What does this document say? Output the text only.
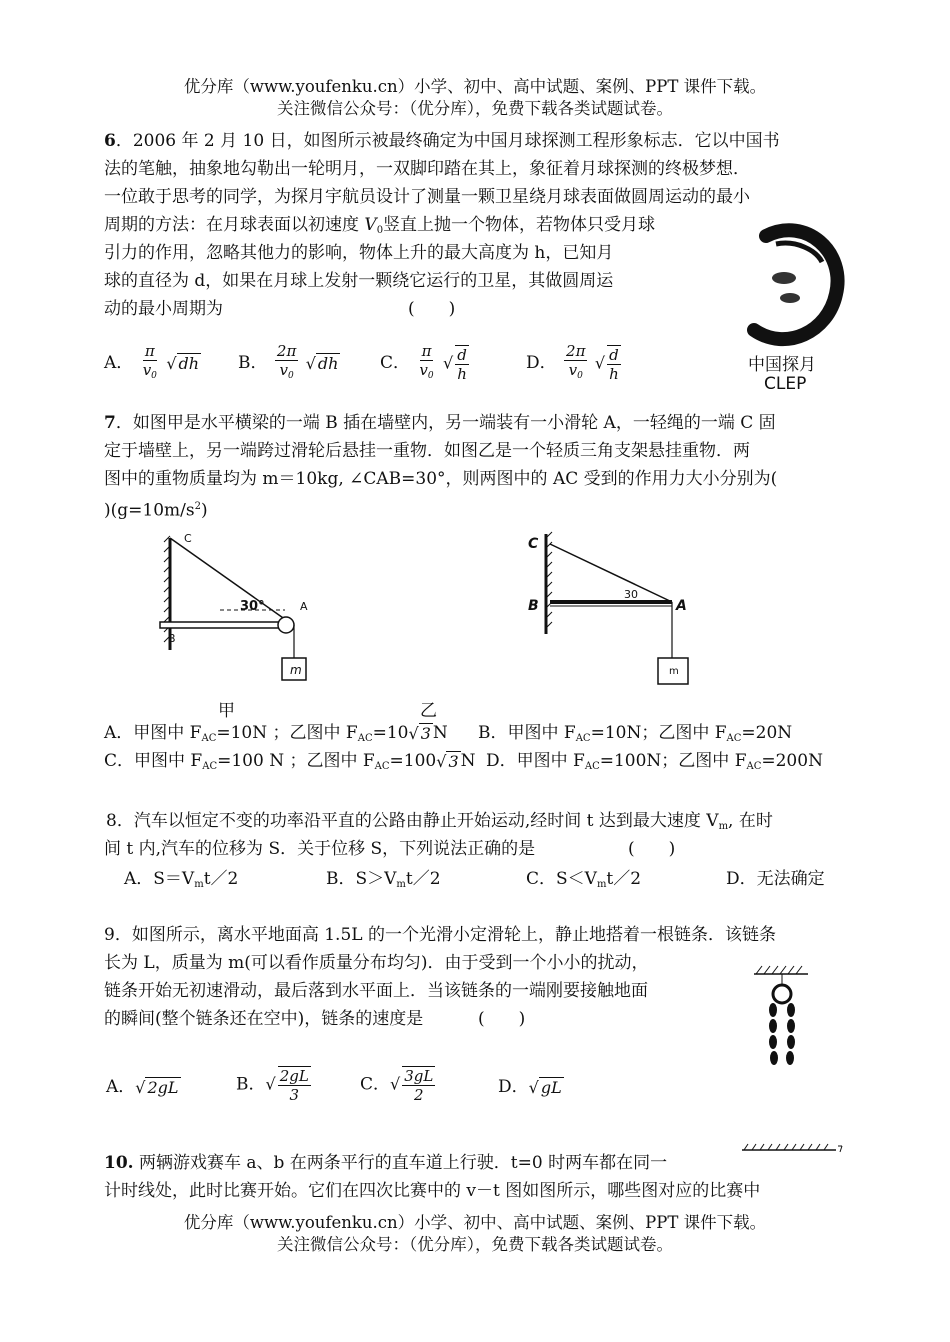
优分库（www.youfenku.cn）小学、初中、高中试题、案例、PPT 课件下载。
关注微信公众号：（优分库），免费下载各类试题试卷。
6．2006 年 2 月 10 日，如图所示被最终确定为中国月球探测工程形象标志．它以中国书
法的笔触，抽象地勾勒出一轮明月，一双脚印踏在其上，象征着月球探测的终极梦想．
一位敢于思考的同学，为探月宇航员设计了测量一颗卫星绕月球表面做圆周运动的最小
周期的方法：在月球表面以初速度 $V_0$竖直上抛一个物体，若物体只受月球
引力的作用，忽略其他力的影响，物体上升的最大高度为 h，已知月
球的直径为 d，如果在月球上发射一颗绕它运行的卫星，其做圆周运
动的最小周期为	(　　)
A． $\frac{\pi}{v_0}$ √ dh B． $\frac{2\pi}{v_0}$ √ dh C． $\frac{\pi}{v_0}$ √ $\frac{d}{h}$	D． $\frac{2\pi}{v_0}$ √ $\frac{d}{h}$	中国探月
CLEP
7．如图甲是水平横梁的一端 B 插在墙壁内，另一端装有一小滑轮 A，一轻绳的一端 C 固
定于墙壁上，另一端跨过滑轮后悬挂一重物．如图乙是一个轻质三角支架悬挂重物．两
图中的重物质量均为 m＝10kg, ∠CAB=30°，则两图中的 AC 受到的作用力大小分别为(
)$(g=10m/s^2)$
C
B
A
30°
m
甲
C
B	A
30
m
乙
A．甲图中 $F_{AC}=10N$ ；乙图中 $F_{AC}=10√$ 3 N B．甲图中 $F_{AC}=10N$；乙图中 $F_{AC}=20N$
C．甲图中 $F_{AC}=100$ N ；乙图中 $F_{AC}=100√$ 3 N D．甲图中 $F_{AC}=100N$；乙图中 $F_{AC}=200N$
8．汽车以恒定不变的功率沿平直的公路由静止开始运动,经时间 t 达到最大速度 $V_m$, 在时
间 t 内,汽车的位移为 S．关于位移 S，下列说法正确的是	(　　)
A．$S=V_mt/2$	B．$S>V_mt/2$	C．$S<V_mt/2$	D．无法确定
9．如图所示，离水平地面高 1.5L 的一个光滑小定滑轮上，静止地搭着一根链条．该链条
长为 L，质量为 m(可以看作质量分布均匀)．由于受到一个小小的扰动，
链条开始无初速滑动，最后落到水平面上．当该链条的一端刚要接触地面
的瞬间(整个链条还在空中)，链条的速度是	(　　)
A．√ 2gL	B．√ $\frac{2gL}{3}$	C．√ $\frac{3gL}{2}$	D．√ gL
10. 两辆游戏赛车 a、b 在两条平行的直车道上行驶．t=0 时两车都在同一
计时线处，此时比赛开始。它们在四次比赛中的 v－t 图如图所示，哪些图对应的比赛中
优分库（www.youfenku.cn）小学、初中、高中试题、案例、PPT 课件下载。
关注微信公众号：（优分库），免费下载各类试题试卷。
